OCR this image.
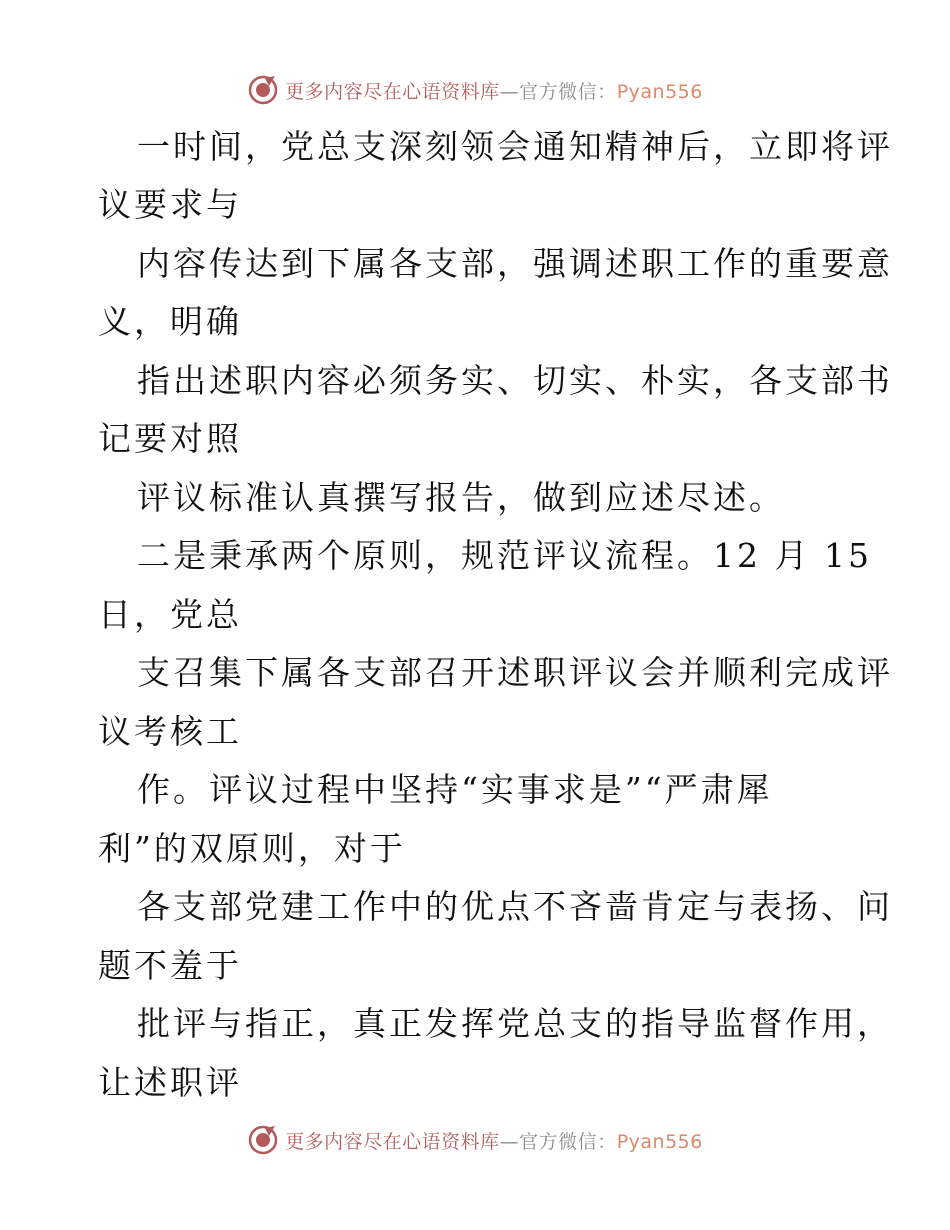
更多内容尽在心语资料库—官方微信：Pyan556
一时间，党总支深刻领会通知精神后，立即将评
议要求与
内容传达到下属各支部，强调述职工作的重要意
义，明确
指出述职内容必须务实、切实、朴实，各支部书
记要对照
评议标准认真撰写报告，做到应述尽述。
二是秉承两个原则，规范评议流程。12 月 15
日，党总
支召集下属各支部召开述职评议会并顺利完成评
议考核工
作。评议过程中坚持“实事求是”“严肃犀
利”的双原则，对于
各支部党建工作中的优点不吝啬肯定与表扬、问
题不羞于
批评与指正，真正发挥党总支的指导监督作用，
让述职评
更多内容尽在心语资料库—官方微信：Pyan556
